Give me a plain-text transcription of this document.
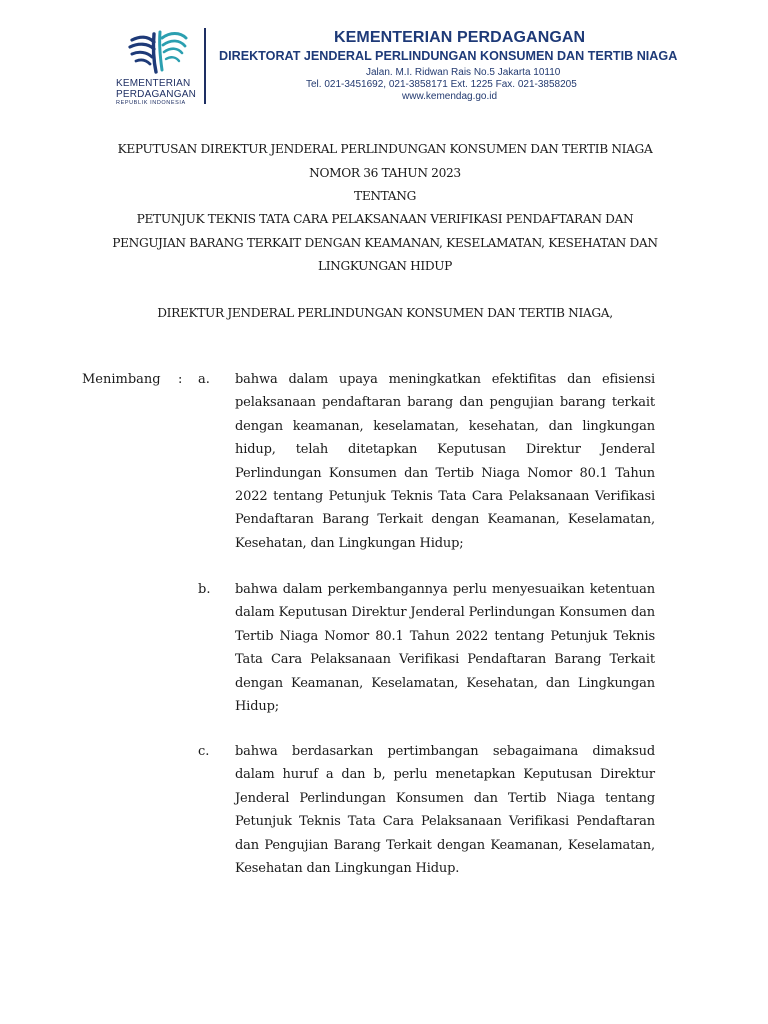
KEMENTERIAN
PERDAGANGAN
REPUBLIK INDONESIA
KEMENTERIAN PERDAGANGAN
DIREKTORAT JENDERAL PERLINDUNGAN KONSUMEN DAN TERTIB NIAGA
Jalan. M.I. Ridwan Rais No.5 Jakarta 10110
Tel. 021-3451692, 021-3858171 Ext. 1225 Fax. 021-3858205
www.kemendag.go.id
KEPUTUSAN DIREKTUR JENDERAL PERLINDUNGAN KONSUMEN DAN TERTIB NIAGA
NOMOR 36 TAHUN 2023
TENTANG
PETUNJUK TEKNIS TATA CARA PELAKSANAAN VERIFIKASI PENDAFTARAN DAN
PENGUJIAN BARANG TERKAIT DENGAN KEAMANAN, KESELAMATAN, KESEHATAN DAN
LINGKUNGAN HIDUP
DIREKTUR JENDERAL PERLINDUNGAN KONSUMEN DAN TERTIB NIAGA,
Menimbang : a. bahwa dalam upaya meningkatkan efektifitas dan efisiensi pelaksanaan pendaftaran barang dan pengujian barang terkait dengan keamanan, keselamatan, kesehatan, dan lingkungan hidup, telah ditetapkan Keputusan Direktur Jenderal Perlindungan Konsumen dan Tertib Niaga Nomor 80.1 Tahun 2022 tentang Petunjuk Teknis Tata Cara Pelaksanaan Verifikasi Pendaftaran Barang Terkait dengan Keamanan, Keselamatan, Kesehatan, dan Lingkungan Hidup;

b. bahwa dalam perkembangannya perlu menyesuaikan ketentuan dalam Keputusan Direktur Jenderal Perlindungan Konsumen dan Tertib Niaga Nomor 80.1 Tahun 2022 tentang Petunjuk Teknis Tata Cara Pelaksanaan Verifikasi Pendaftaran Barang Terkait dengan Keamanan, Keselamatan, Kesehatan, dan Lingkungan Hidup;

c. bahwa berdasarkan pertimbangan sebagaimana dimaksud dalam huruf a dan b, perlu menetapkan Keputusan Direktur Jenderal Perlindungan Konsumen dan Tertib Niaga tentang Petunjuk Teknis Tata Cara Pelaksanaan Verifikasi Pendaftaran dan Pengujian Barang Terkait dengan Keamanan, Keselamatan, Kesehatan dan Lingkungan Hidup.
